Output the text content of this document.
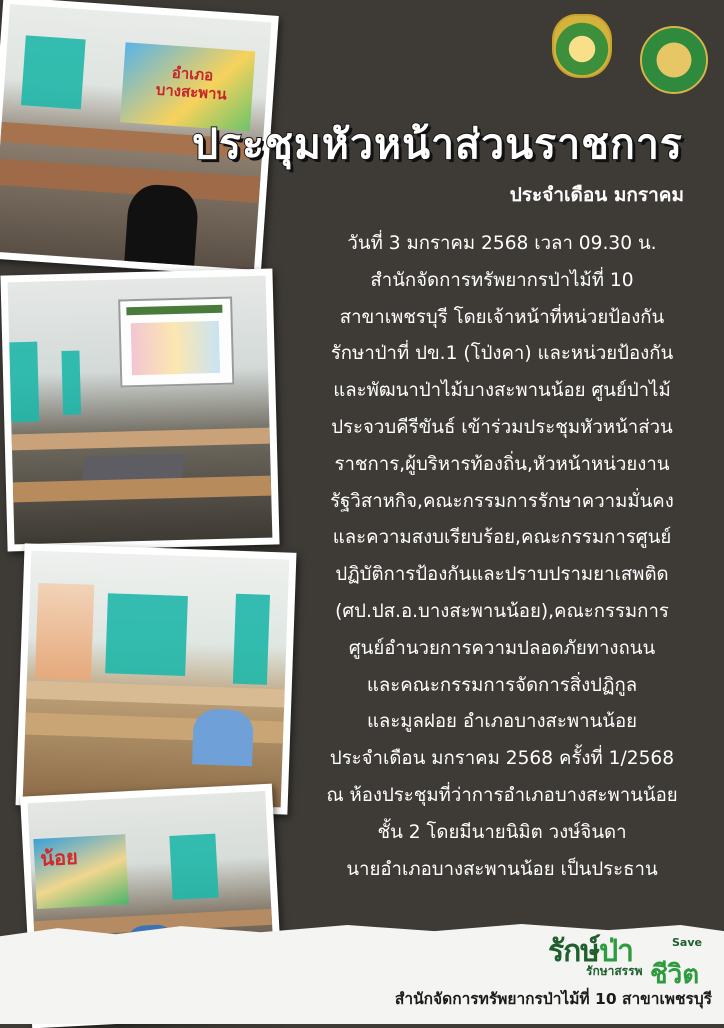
อำเภอ บางสะพาน
น้อย
ประชุมหัวหน้าส่วนราชการ
ประจำเดือน มกราคม
วันที่ 3 มกราคม 2568 เวลา 09.30 น.
สำนักจัดการทรัพยากรป่าไม้ที่ 10
สาขาเพชรบุรี โดยเจ้าหน้าที่หน่วยป้องกัน
รักษาป่าที่ ปข.1 (โป่งคา) และหน่วยป้องกัน
และพัฒนาป่าไม้บางสะพานน้อย ศูนย์ป่าไม้
ประจวบคีรีขันธ์ เข้าร่วมประชุมหัวหน้าส่วน
ราชการ,ผู้บริหารท้องถิ่น,หัวหน้าหน่วยงาน
รัฐวิสาหกิจ,คณะกรรมการรักษาความมั่นคง
และความสงบเรียบร้อย,คณะกรรมการศูนย์
ปฏิบัติการป้องกันและปราบปรามยาเสพติด
(ศป.ปส.อ.บางสะพานน้อย),คณะกรรมการ
ศูนย์อำนวยการความปลอดภัยทางถนน
และคณะกรรมการจัดการสิ่งปฏิกูล
และมูลฝอย อำเภอบางสะพานน้อย
ประจำเดือน มกราคม 2568 ครั้งที่ 1/2568
ณ ห้องประชุมที่ว่าการอำเภอบางสะพานน้อย
ชั้น 2 โดยมีนายนิมิต วงษ์จินดา
นายอำเภอบางสะพานน้อย เป็นประธาน
รักษ์ป่า	Save
รักษาสรรพ ชีวิต
สำนักจัดการทรัพยากรป่าไม้ที่ 10 สาขาเพชรบุรี
